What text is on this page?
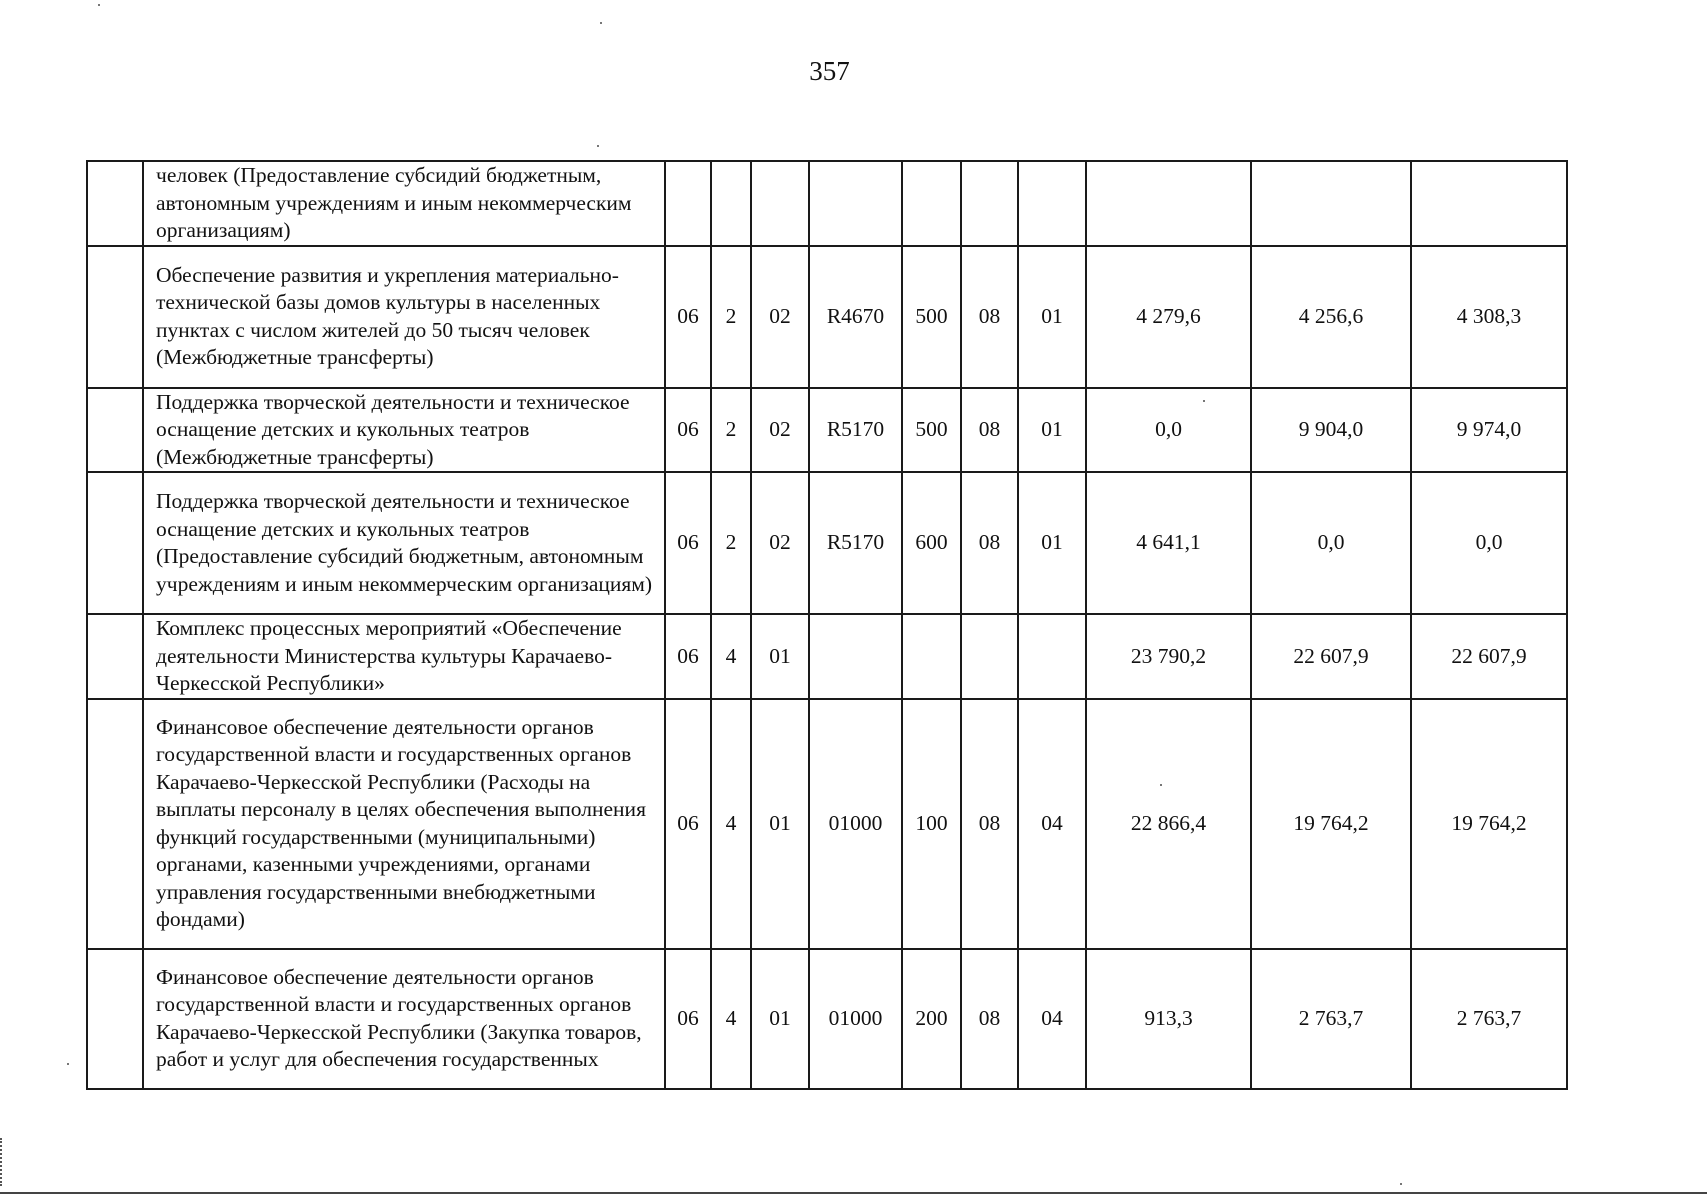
357
	человек (Предоставление субсидий бюджетным, автономным учреждениям и иным некоммерческим организациям)										
	Обеспечение развития и укрепления материально-технической базы домов культуры в населенных пунктах с числом жителей до 50 тысяч человек (Межбюджетные трансферты)	06	2	02	R4670	500	08	01	4 279,6	4 256,6	4 308,3
	Поддержка творческой деятельности и техническое оснащение детских и кукольных театров (Межбюджетные трансферты)	06	2	02	R5170	500	08	01	0,0	9 904,0	9 974,0
	Поддержка творческой деятельности и техническое оснащение детских и кукольных театров (Предоставление субсидий бюджетным, автономным учреждениям и иным некоммерческим организациям)	06	2	02	R5170	600	08	01	4 641,1	0,0	0,0
	Комплекс процессных мероприятий «Обеспечение деятельности Министерства культуры Карачаево-Черкесской Республики»	06	4	01					23 790,2	22 607,9	22 607,9
	Финансовое обеспечение деятельности органов государственной власти и государственных органов Карачаево-Черкесской Республики (Расходы на выплаты персоналу в целях обеспечения выполнения функций государственными (муниципальными) органами, казенными учреждениями, органами управления государственными внебюджетными фондами)	06	4	01	01000	100	08	04	22 866,4	19 764,2	19 764,2
	Финансовое обеспечение деятельности органов государственной власти и государственных органов Карачаево-Черкесской Республики (Закупка товаров, работ и услуг для обеспечения государственных	06	4	01	01000	200	08	04	913,3	2 763,7	2 763,7
